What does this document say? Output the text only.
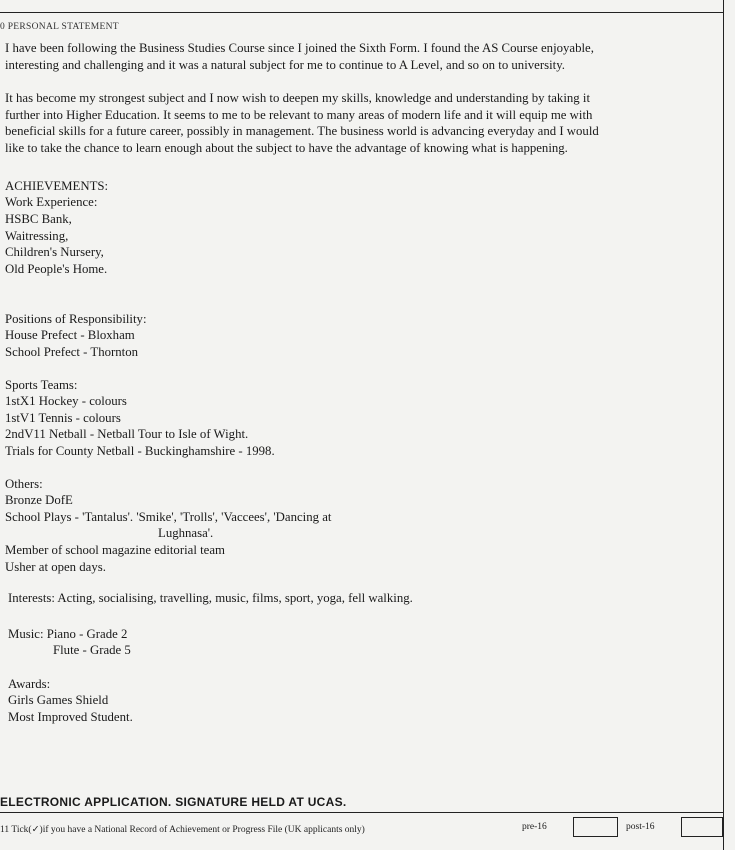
0 PERSONAL STATEMENT
I have been following the Business Studies Course since I joined the Sixth Form. I found the AS Course enjoyable,
interesting and challenging and it was a natural subject for me to continue to A Level, and so on to university.
It has become my strongest subject and I now wish to deepen my skills, knowledge and understanding by taking it
further into Higher Education. It seems to me to be relevant to many areas of modern life and it will equip me with
beneficial skills for a future career, possibly in management. The business world is advancing everyday and I would
like to take the chance to learn enough about the subject to have the advantage of knowing what is happening.
ACHIEVEMENTS:
Work Experience:
HSBC Bank,
Waitressing,
Children's Nursery,
Old People's Home.
Positions of Responsibility:
House Prefect - Bloxham
School Prefect - Thornton
Sports Teams:
1stX1 Hockey - colours
1stV1 Tennis - colours
2ndV11 Netball - Netball Tour to Isle of Wight.
Trials for County Netball - Buckinghamshire - 1998.
Others:
Bronze DofE
School Plays - 'Tantalus'. 'Smike', 'Trolls', 'Vaccees', 'Dancing at
Lughnasa'.
Member of school magazine editorial team
Usher at open days.
Interests: Acting, socialising, travelling, music, films, sport, yoga, fell walking.
Music: Piano - Grade 2
Flute - Grade 5
Awards:
Girls Games Shield
Most Improved Student.
ELECTRONIC APPLICATION. SIGNATURE HELD AT UCAS.
11 Tick(✓)if you have a National Record of Achievement or Progress File (UK applicants only)	pre-16	post-16
